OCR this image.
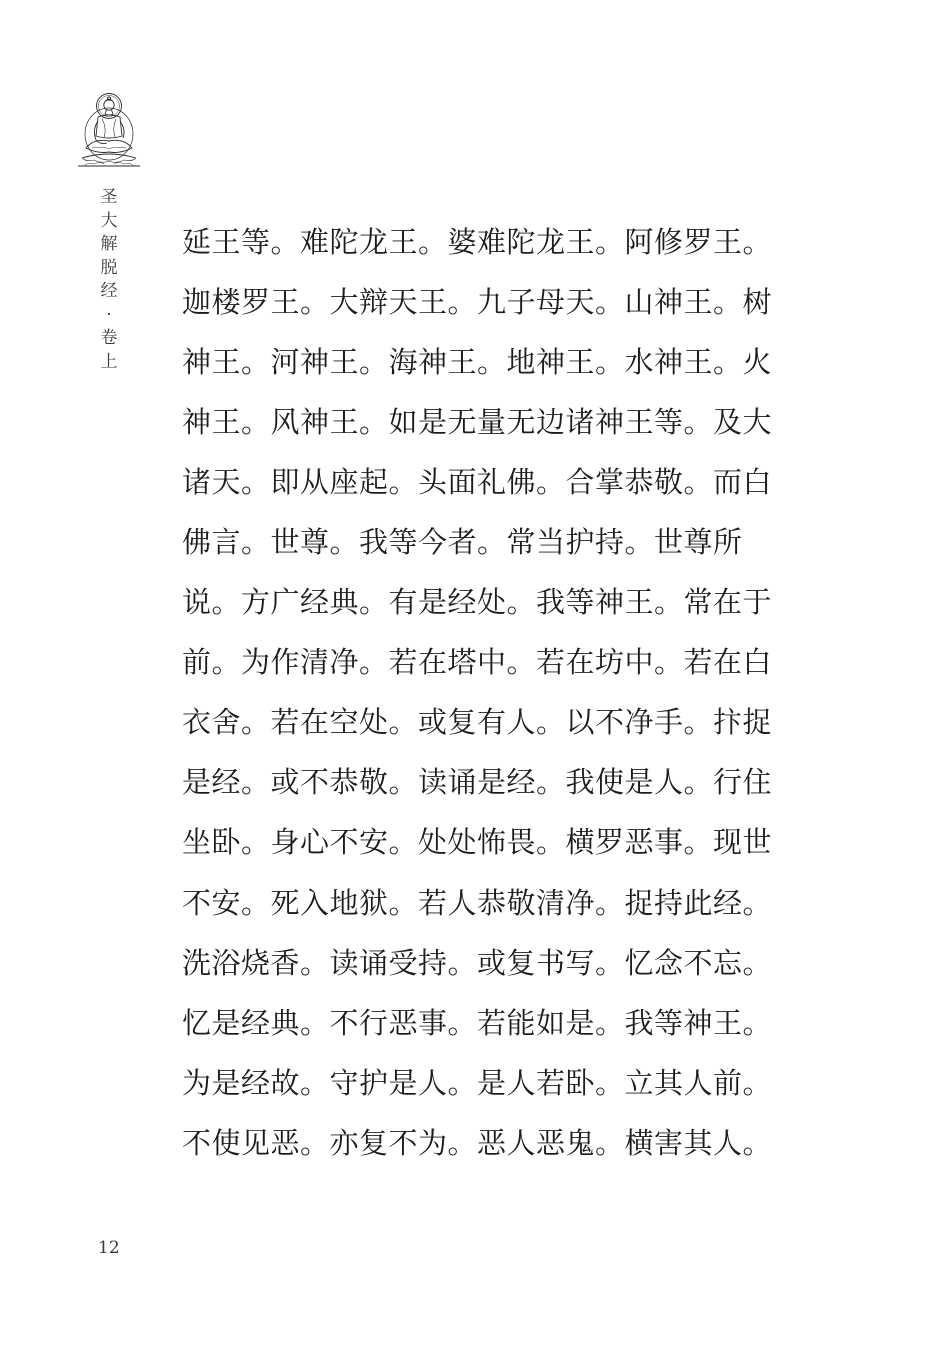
圣大解脱经·卷上
延王等。难陀龙王。婆难陀龙王。阿修罗王。
迦楼罗王。大辩天王。九子母天。山神王。树
神王。河神王。海神王。地神王。水神王。火
神王。风神王。如是无量无边诸神王等。及大
诸天。即从座起。头面礼佛。合掌恭敬。而白
佛言。世尊。我等今者。常当护持。世尊所
说。方广经典。有是经处。我等神王。常在于
前。为作清净。若在塔中。若在坊中。若在白
衣舍。若在空处。或复有人。以不净手。抃捉
是经。或不恭敬。读诵是经。我使是人。行住
坐卧。身心不安。处处怖畏。横罗恶事。现世
不安。死入地狱。若人恭敬清净。捉持此经。
洗浴烧香。读诵受持。或复书写。忆念不忘。
忆是经典。不行恶事。若能如是。我等神王。
为是经故。守护是人。是人若卧。立其人前。
不使见恶。亦复不为。恶人恶鬼。横害其人。
12
